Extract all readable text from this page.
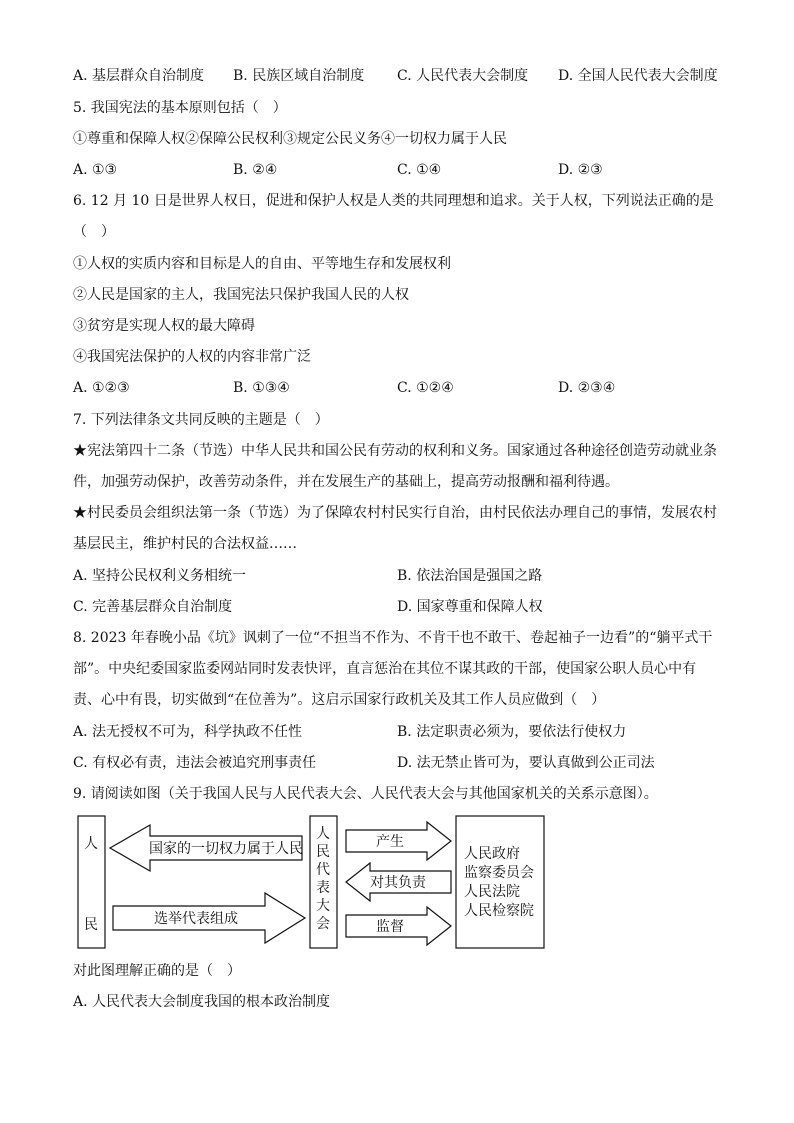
A. 基层群众自治制度 B. 民族区域自治制度 C. 人民代表大会制度 D. 全国人民代表大会制度
5. 我国宪法的基本原则包括（　）
①尊重和保障人权②保障公民权利③规定公民义务④一切权力属于人民
A. ①③	B. ②④	C. ①④	D. ②③
6. 12 月 10 日是世界人权日，促进和保护人权是人类的共同理想和追求。关于人权，下列说法正确的是
（　）
①人权的实质内容和目标是人的自由、平等地生存和发展权利
②人民是国家的主人，我国宪法只保护我国人民的人权
③贫穷是实现人权的最大障碍
④我国宪法保护的人权的内容非常广泛
A. ①②③	B. ①③④	C. ①②④	D. ②③④
7. 下列法律条文共同反映的主题是（　）
★宪法第四十二条（节选）中华人民共和国公民有劳动的权利和义务。国家通过各种途径创造劳动就业条
件，加强劳动保护，改善劳动条件，并在发展生产的基础上，提高劳动报酬和福利待遇。
★村民委员会组织法第一条（节选）为了保障农村村民实行自治，由村民依法办理自己的事情，发展农村
基层民主，维护村民的合法权益……
A. 坚持公民权利义务相统一	B. 依法治国是强国之路
C. 完善基层群众自治制度	D. 国家尊重和保障人权
8. 2023 年春晚小品《坑》讽刺了一位“不担当不作为、不肯干也不敢干、卷起袖子一边看”的“躺平式干
部”。中央纪委国家监委网站同时发表快评，直言惩治在其位不谋其政的干部，使国家公职人员心中有
责、心中有畏，切实做到“在位善为”。这启示国家行政机关及其工作人员应做到（　）
A. 法无授权不可为，科学执政不任性	B. 法定职责必须为，要依法行使权力
C. 有权必有责，违法会被追究刑事责任	D. 法无禁止皆可为，要认真做到公正司法
9. 请阅读如图（关于我国人民与人民代表大会、人民代表大会与其他国家机关的关系示意图）。
人
民
国家的一切权力属于人民
选举代表组成
人
民
代
表
大
会
产生
对其负责
监督
人民政府
监察委员会
人民法院
人民检察院
对此图理解正确的是（　）
A. 人民代表大会制度我国的根本政治制度
